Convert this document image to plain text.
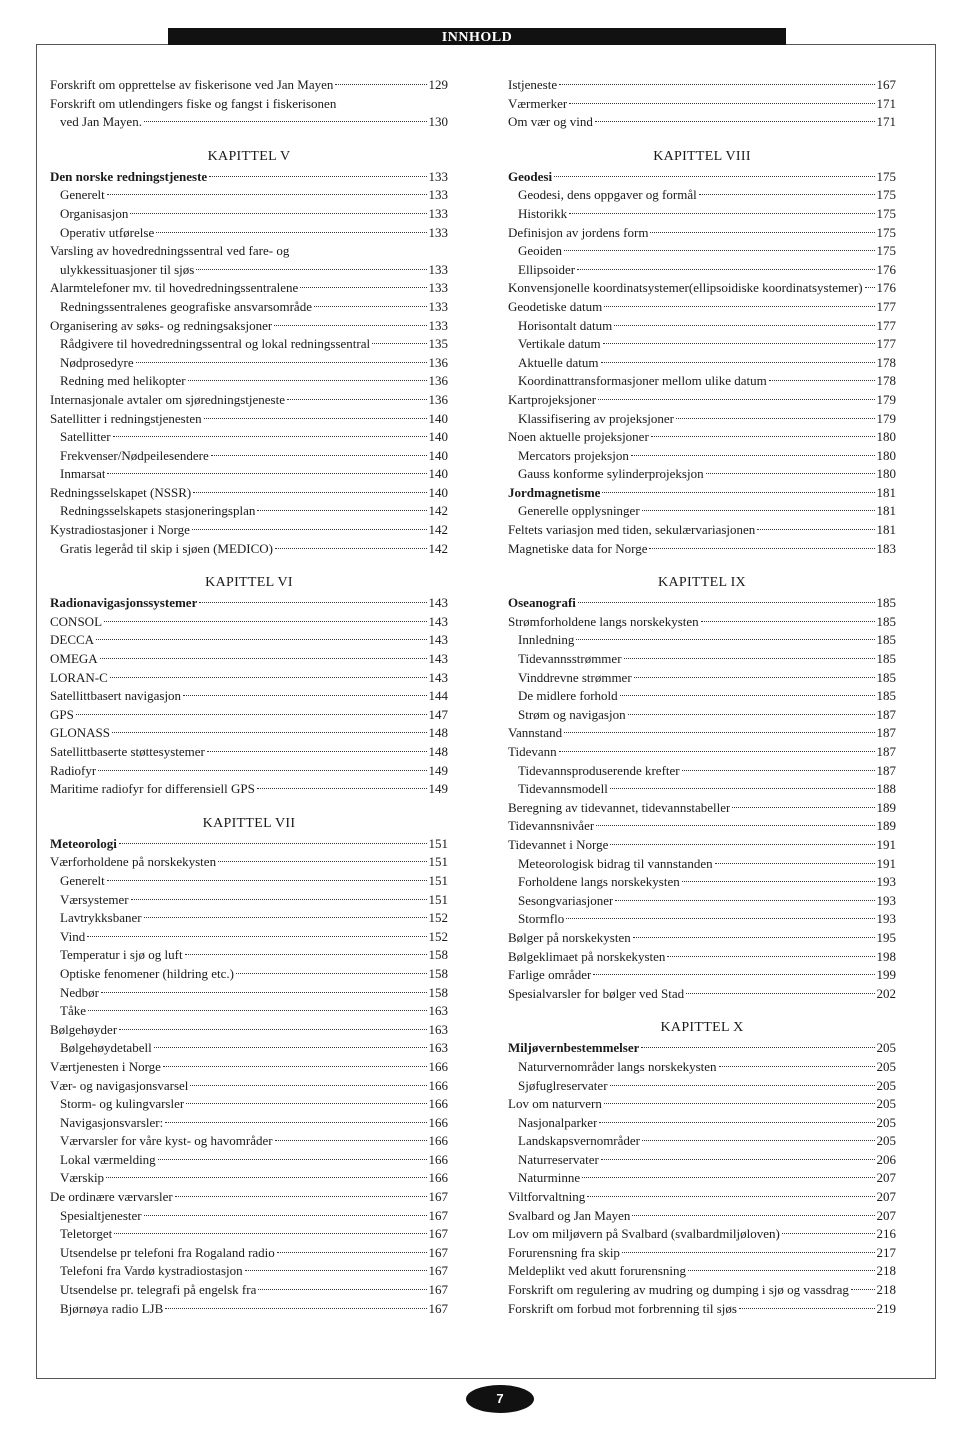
INNHOLD
Forskrift om opprettelse av fiskerisone ved Jan Mayen	129
Forskrift om utlendingers fiske og fangst i fiskerisonen
ved Jan Mayen.	130
KAPITTEL V
Den norske redningstjeneste	133
Generelt	133
Organisasjon	133
Operativ utførelse	133
Varsling av hovedredningssentral ved fare- og
ulykkessituasjoner til sjøs	133
Alarmtelefoner mv. til hovedredningssentralene	133
Redningssentralenes geografiske ansvarsområde	133
Organisering av søks- og redningsaksjoner	133
Rådgivere til hovedredningssentral og lokal redningssentral	135
Nødprosedyre	136
Redning med helikopter	136
Internasjonale avtaler om sjøredningstjeneste	136
Satellitter i redningstjenesten	140
Satellitter	140
Frekvenser/Nødpeilesendere	140
Inmarsat	140
Redningsselskapet (NSSR)	140
Redningsselskapets stasjoneringsplan	142
Kystradiostasjoner i Norge	142
Gratis legeråd til skip i sjøen (MEDICO)	142
KAPITTEL VI
Radionavigasjonssystemer	143
CONSOL	143
DECCA	143
OMEGA	143
LORAN-C	143
Satellittbasert navigasjon	144
GPS	147
GLONASS	148
Satellittbaserte støttesystemer	148
Radiofyr	149
Maritime radiofyr for differensiell GPS	149
KAPITTEL VII
Meteorologi	151
Værforholdene på norskekysten	151
Generelt	151
Værsystemer	151
Lavtrykksbaner	152
Vind	152
Temperatur i sjø og luft	158
Optiske fenomener (hildring etc.)	158
Nedbør	158
Tåke	163
Bølgehøyder	163
Bølgehøydetabell	163
Værtjenesten i Norge	166
Vær- og navigasjonsvarsel	166
Storm- og kulingvarsler	166
Navigasjonsvarsler:	166
Værvarsler for våre kyst- og havområder	166
Lokal værmelding	166
Værskip	166
De ordinære værvarsler	167
Spesialtjenester	167
Teletorget	167
Utsendelse pr telefoni fra Rogaland radio	167
Telefoni fra Vardø kystradiostasjon	167
Utsendelse pr. telegrafi på engelsk fra	167
Bjørnøya radio LJB	167
Istjeneste	167
Værmerker	171
Om vær og vind	171
KAPITTEL VIII
Geodesi	175
Geodesi, dens oppgaver og formål	175
Historikk	175
Definisjon av jordens form	175
Geoiden	175
Ellipsoider	176
Konvensjonelle koordinatsystemer(ellipsoidiske koordinatsystemer) 176
Geodetiske datum	177
Horisontalt datum	177
Vertikale datum	177
Aktuelle datum	178
Koordinattransformasjoner mellom ulike datum	178
Kartprojeksjoner	179
Klassifisering av projeksjoner	179
Noen aktuelle projeksjoner	180
Mercators projeksjon	180
Gauss konforme sylinderprojeksjon	180
Jordmagnetisme	181
Generelle opplysninger	181
Feltets variasjon med tiden, sekulærvariasjonen	181
Magnetiske data for Norge	183
KAPITTEL IX
Oseanografi	185
Strømforholdene langs norskekysten	185
Innledning	185
Tidevannsstrømmer	185
Vinddrevne strømmer	185
De midlere forhold	185
Strøm og navigasjon	187
Vannstand	187
Tidevann	187
Tidevannsproduserende krefter	187
Tidevannsmodell	188
Beregning av tidevannet, tidevannstabeller	189
Tidevannsnivåer	189
Tidevannet i Norge	191
Meteorologisk bidrag til vannstanden	191
Forholdene langs norskekysten	193
Sesongvariasjoner	193
Stormflo	193
Bølger på norskekysten	195
Bølgeklimaet på norskekysten	198
Farlige områder	199
Spesialvarsler for bølger ved Stad	202
KAPITTEL X
Miljøvernbestemmelser	205
Naturvernområder langs norskekysten	205
Sjøfuglreservater	205
Lov om naturvern	205
Nasjonalparker	205
Landskapsvernområder	205
Naturreservater	206
Naturminne	207
Viltforvaltning	207
Svalbard og Jan Mayen	207
Lov om miljøvern på Svalbard (svalbardmiljøloven)	216
Forurensning fra skip	217
Meldeplikt ved akutt forurensning	218
Forskrift om regulering av mudring og dumping i sjø og vassdrag 218
Forskrift om forbud mot forbrenning til sjøs	219
7
